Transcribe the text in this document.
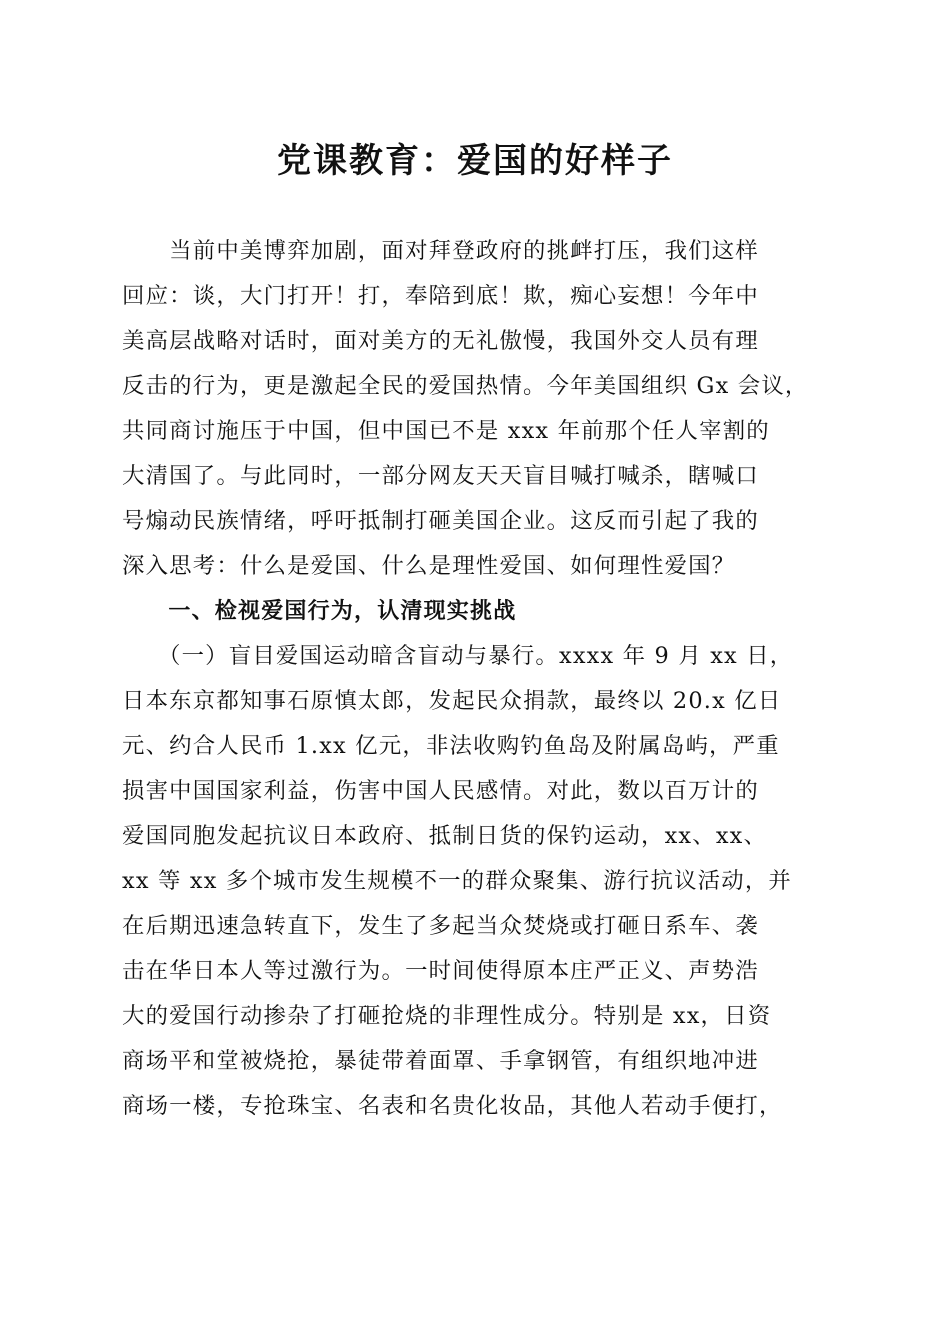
党课教育：爱国的好样子
　　当前中美博弈加剧，面对拜登政府的挑衅打压，我们这样
回应：谈，大门打开！打，奉陪到底！欺，痴心妄想！今年中
美高层战略对话时，面对美方的无礼傲慢，我国外交人员有理
反击的行为，更是激起全民的爱国热情。今年美国组织 Gx 会议，
共同商讨施压于中国，但中国已不是 xxx 年前那个任人宰割的
大清国了。与此同时，一部分网友天天盲目喊打喊杀，瞎喊口
号煽动民族情绪，呼吁抵制打砸美国企业。这反而引起了我的
深入思考：什么是爱国、什么是理性爱国、如何理性爱国？
　　一、检视爱国行为，认清现实挑战
　　（一）盲目爱国运动暗含盲动与暴行。xxxx 年 9 月 xx 日，
日本东京都知事石原慎太郎，发起民众捐款，最终以 20.x 亿日
元、约合人民币 1.xx 亿元，非法收购钓鱼岛及附属岛屿，严重
损害中国国家利益，伤害中国人民感情。对此，数以百万计的
爱国同胞发起抗议日本政府、抵制日货的保钓运动，xx、xx、
xx 等 xx 多个城市发生规模不一的群众聚集、游行抗议活动，并
在后期迅速急转直下，发生了多起当众焚烧或打砸日系车、袭
击在华日本人等过激行为。一时间使得原本庄严正义、声势浩
大的爱国行动掺杂了打砸抢烧的非理性成分。特别是 xx，日资
商场平和堂被烧抢，暴徒带着面罩、手拿钢管，有组织地冲进
商场一楼，专抢珠宝、名表和名贵化妆品，其他人若动手便打，
